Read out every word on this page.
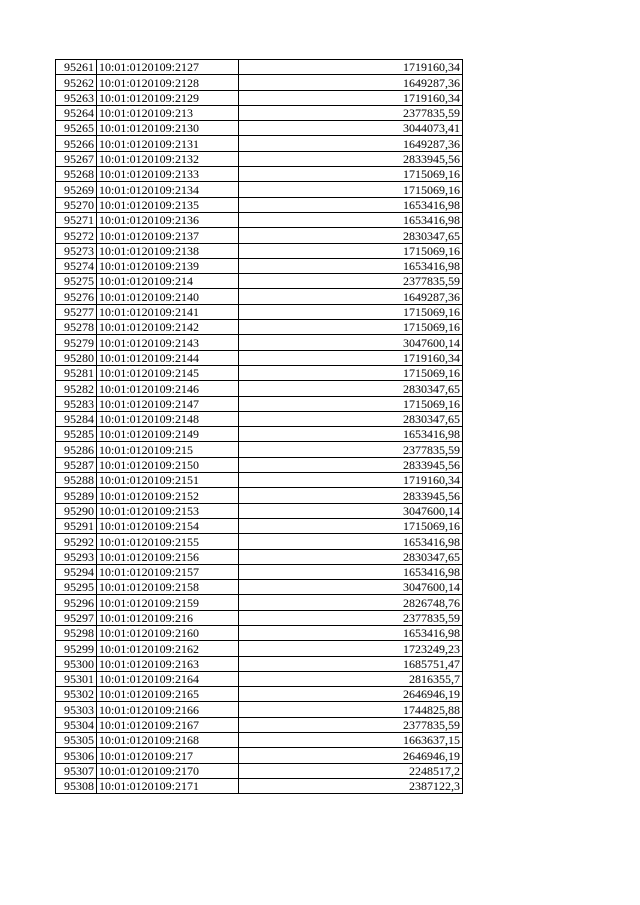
95261	10:01:0120109:2127	1719160,34
95262	10:01:0120109:2128	1649287,36
95263	10:01:0120109:2129	1719160,34
95264	10:01:0120109:213	2377835,59
95265	10:01:0120109:2130	3044073,41
95266	10:01:0120109:2131	1649287,36
95267	10:01:0120109:2132	2833945,56
95268	10:01:0120109:2133	1715069,16
95269	10:01:0120109:2134	1715069,16
95270	10:01:0120109:2135	1653416,98
95271	10:01:0120109:2136	1653416,98
95272	10:01:0120109:2137	2830347,65
95273	10:01:0120109:2138	1715069,16
95274	10:01:0120109:2139	1653416,98
95275	10:01:0120109:214	2377835,59
95276	10:01:0120109:2140	1649287,36
95277	10:01:0120109:2141	1715069,16
95278	10:01:0120109:2142	1715069,16
95279	10:01:0120109:2143	3047600,14
95280	10:01:0120109:2144	1719160,34
95281	10:01:0120109:2145	1715069,16
95282	10:01:0120109:2146	2830347,65
95283	10:01:0120109:2147	1715069,16
95284	10:01:0120109:2148	2830347,65
95285	10:01:0120109:2149	1653416,98
95286	10:01:0120109:215	2377835,59
95287	10:01:0120109:2150	2833945,56
95288	10:01:0120109:2151	1719160,34
95289	10:01:0120109:2152	2833945,56
95290	10:01:0120109:2153	3047600,14
95291	10:01:0120109:2154	1715069,16
95292	10:01:0120109:2155	1653416,98
95293	10:01:0120109:2156	2830347,65
95294	10:01:0120109:2157	1653416,98
95295	10:01:0120109:2158	3047600,14
95296	10:01:0120109:2159	2826748,76
95297	10:01:0120109:216	2377835,59
95298	10:01:0120109:2160	1653416,98
95299	10:01:0120109:2162	1723249,23
95300	10:01:0120109:2163	1685751,47
95301	10:01:0120109:2164	2816355,7
95302	10:01:0120109:2165	2646946,19
95303	10:01:0120109:2166	1744825,88
95304	10:01:0120109:2167	2377835,59
95305	10:01:0120109:2168	1663637,15
95306	10:01:0120109:217	2646946,19
95307	10:01:0120109:2170	2248517,2
95308	10:01:0120109:2171	2387122,3
